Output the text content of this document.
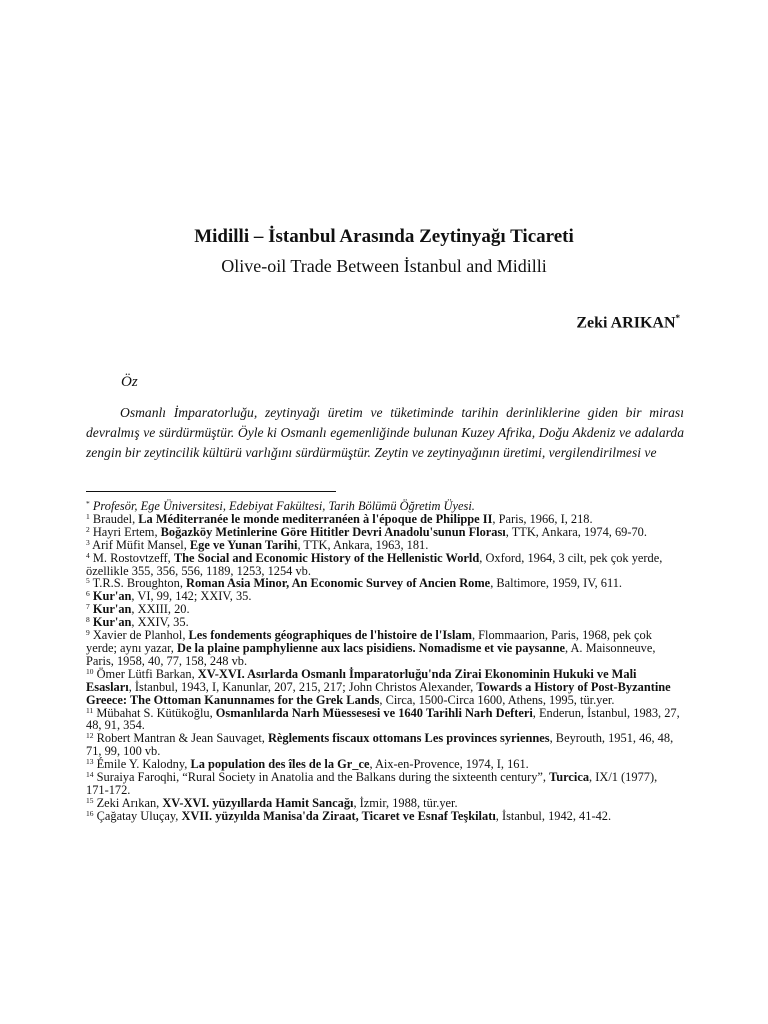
Midilli – İstanbul Arasında Zeytinyağı Ticareti
Olive-oil Trade Between İstanbul and Midilli
Zeki ARIKAN*
Öz

Osmanlı İmparatorluğu, zeytinyağı üretim ve tüketiminde tarihin derinliklerine giden bir mirası devralmış ve sürdürmüştür. Öyle ki Osmanlı egemenliğinde bulunan Kuzey Afrika, Doğu Akdeniz ve adalarda zengin bir zeytincilik kültürü varlığını sürdürmüştür. Zeytin ve zeytinyağının üretimi, vergilendirilmesi ve

* Profesör, Ege Üniversitesi, Edebiyat Fakültesi, Tarih Bölümü Öğretim Üyesi.

$^1$ Braudel, La Méditerranée le monde mediterranéen à l'époque de Philippe II, Paris, 1966, I, 218.

$^2$ Hayri Ertem, Boğazköy Metinlerine Göre Hititler Devri Anadolu'sunun Florası, TTK, Ankara, 1974, 69-70.

$^3$ Arif Müfit Mansel, Ege ve Yunan Tarihi, TTK, Ankara, 1963, 181.

$^4$ M. Rostovtzeff, The Social and Economic History of the Hellenistic World, Oxford, 1964, 3 cilt, pek çok yerde, özellikle 355, 356, 556, 1189, 1253, 1254 vb.

$^5$ T.R.S. Broughton, Roman Asia Minor, An Economic Survey of Ancien Rome, Baltimore, 1959, IV, 611.

$^6$ Kur'an, VI, 99, 142; XXIV, 35.

$^7$ Kur'an, XXIII, 20.

$^8$ Kur'an, XXIV, 35.

$^9$ Xavier de Planhol, Les fondements géographiques de l'histoire de l'Islam, Flommaarion, Paris, 1968, pek çok yerde; aynı yazar, De la plaine pamphylienne aux lacs pisidiens. Nomadisme et vie paysanne, A. Maisonneuve, Paris, 1958, 40, 77, 158, 248 vb.

$^{10}$ Ömer Lütfi Barkan, XV-XVI. Asırlarda Osmanlı İmparatorluğu'nda Zirai Ekonominin Hukuki ve Mali Esasları, İstanbul, 1943, I, Kanunlar, 207, 215, 217; John Christos Alexander, Towards a History of Post-Byzantine Greece: The Ottoman Kanunnames for the Grek Lands, Circa, 1500-Circa 1600, Athens, 1995, tür.yer.

$^{11}$ Mübahat S. Kütükoğlu, Osmanlılarda Narh Müessesesi ve 1640 Tarihli Narh Defteri, Enderun, İstanbul, 1983, 27, 48, 91, 354.

$^{12}$ Robert Mantran & Jean Sauvaget, Règlements fiscaux ottomans Les provinces syriennes, Beyrouth, 1951, 46, 48, 71, 99, 100 vb.

$^{13}$ Émile Y. Kalodny, La population des îles de la Gr_ce, Aix-en-Provence, 1974, I, 161.

$^{14}$ Suraiya Faroqhi, “Rural Society in Anatolia and the Balkans during the sixteenth century”, Turcica, IX/1 (1977), 171-172.

$^{15}$ Zeki Arıkan, XV-XVI. yüzyıllarda Hamit Sancağı, İzmir, 1988, tür.yer.

$^{16}$ Çağatay Uluçay, XVII. yüzyılda Manisa'da Ziraat, Ticaret ve Esnaf Teşkilatı, İstanbul, 1942, 41-42.
